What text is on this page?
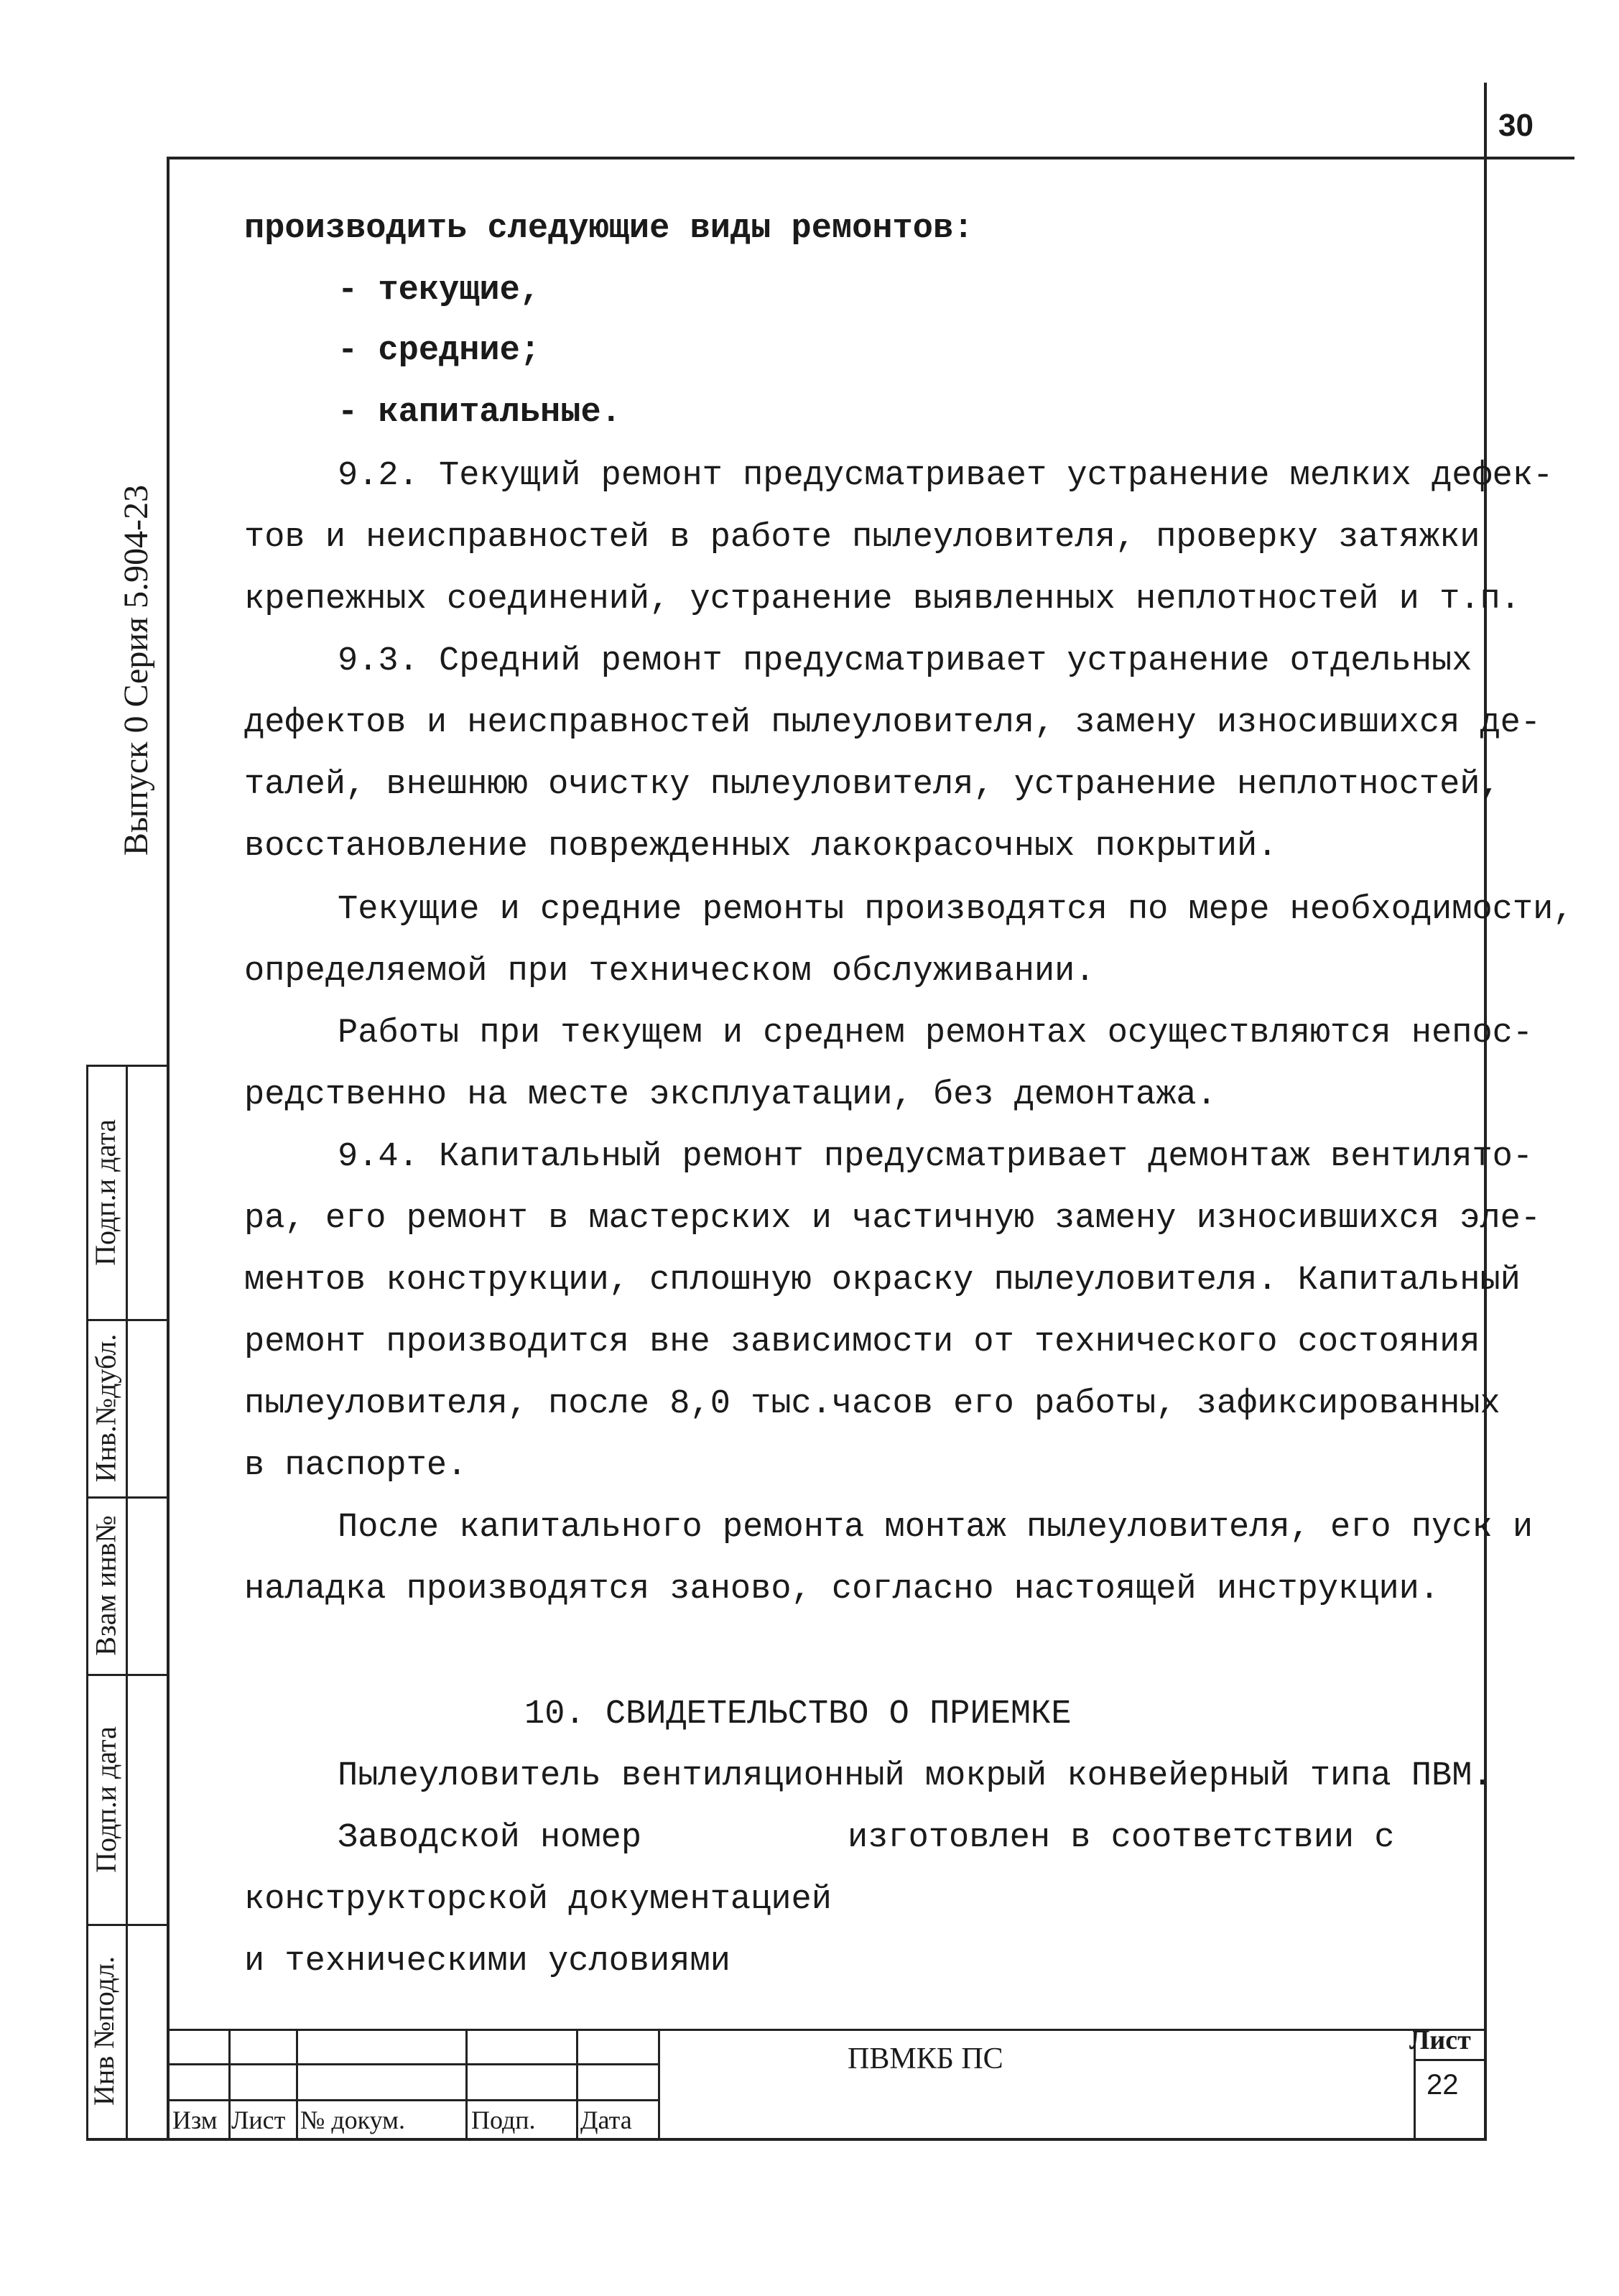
30
Выпуск 0 Серия 5.904-23
Подп.и дата
Инв.№дубл.
Взам инв№
Подп.и дата
Инв №подл.
производить следующие виды ремонтов:
- текущие,
- средние;
- капитальные.
9.2. Текущий ремонт предусматривает устранение мелких дефек-
тов и неисправностей в работе пылеуловителя, проверку затяжки
крепежных соединений, устранение выявленных неплотностей и т.п.
9.3. Средний ремонт предусматривает устранение отдельных
дефектов и неисправностей пылеуловителя, замену износившихся де-
талей, внешнюю очистку пылеуловителя, устранение неплотностей,
восстановление поврежденных лакокрасочных покрытий.
Текущие и средние ремонты производятся по мере необходимости,
определяемой при техническом обслуживании.
Работы при текущем и среднем ремонтах осуществляются непос-
редственно на месте эксплуатации, без демонтажа.
9.4. Капитальный ремонт предусматривает демонтаж вентилято-
ра, его ремонт в мастерских и частичную замену износившихся эле-
ментов конструкции, сплошную окраску пылеуловителя. Капитальный
ремонт производится вне зависимости от технического состояния
пылеуловителя, после 8,0 тыс.часов его работы, зафиксированных
в паспорте.
После капитального ремонта монтаж пылеуловителя, его пуск и
наладка производятся заново, согласно настоящей инструкции.
10. СВИДЕТЕЛЬСТВО О ПРИЕМКЕ
Пылеуловитель вентиляционный мокрый конвейерный типа ПВМ.
Заводской номер	изготовлен в соответствии с
конструкторской документацией
и техническими условиями
Изм Лист № докум.	Подп. Дата
ПВМКБ ПС
Лист
22
